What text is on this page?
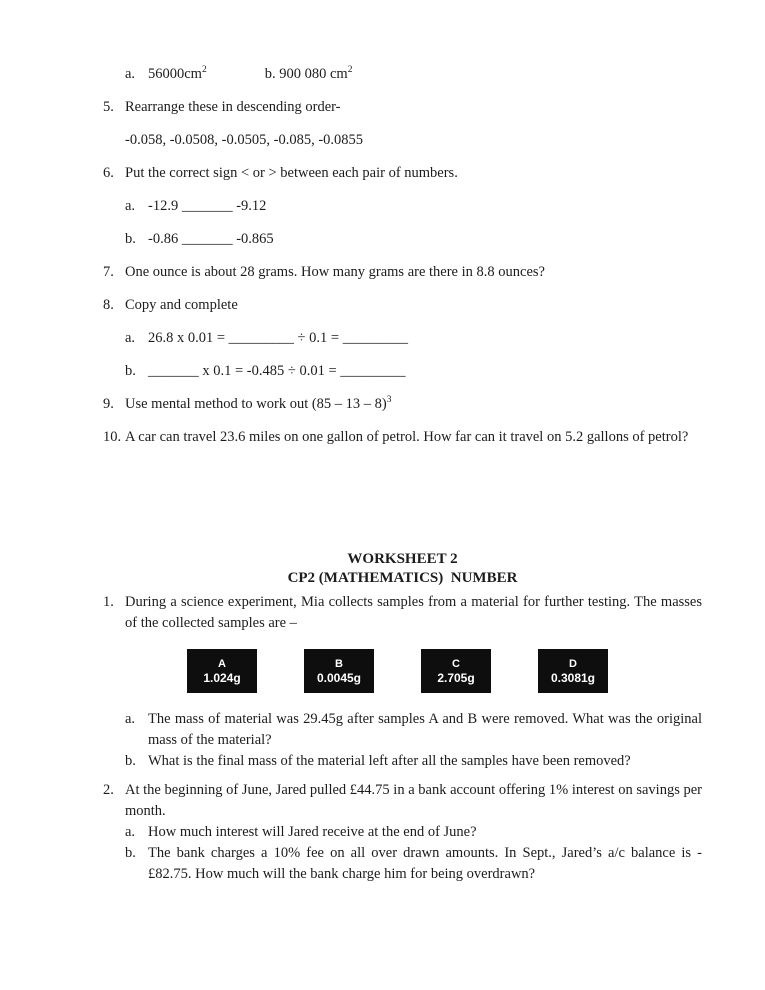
a. $56000cm^2$	b. 900 080 $cm^2$
5. Rearrange these in descending order-
-0.058, -0.0508, -0.0505, -0.085, -0.0855
6. Put the correct sign < or > between each pair of numbers.
a. -12.9 _______ -9.12
b. -0.86 _______ -0.865
7. One ounce is about 28 grams. How many grams are there in 8.8 ounces?
8. Copy and complete
a. 26.8 x 0.01 = _________ ÷ 0.1 = _________
b. _______ x 0.1 = -0.485 ÷ 0.01 = _________
9. Use mental method to work out (85 – 13 – 8)$^3$
10. A car can travel 23.6 miles on one gallon of petrol. How far can it travel on 5.2 gallons of petrol?
WORKSHEET 2
CP2 (MATHEMATICS)  NUMBER
1. During a science experiment, Mia collects samples from a material for further testing. The masses of the collected samples are –
A
1.024g
B
0.0045g
C
2.705g
D
0.3081g
a. The mass of material was 29.45g after samples A and B were removed. What was the original mass of the material?
b. What is the final mass of the material left after all the samples have been removed?
2. At the beginning of June, Jared pulled £44.75 in a bank account offering 1% interest on savings per month.
a. How much interest will Jared receive at the end of June?
b. The bank charges a 10% fee on all over drawn amounts. In Sept., Jared’s a/c balance is - £82.75. How much will the bank charge him for being overdrawn?
